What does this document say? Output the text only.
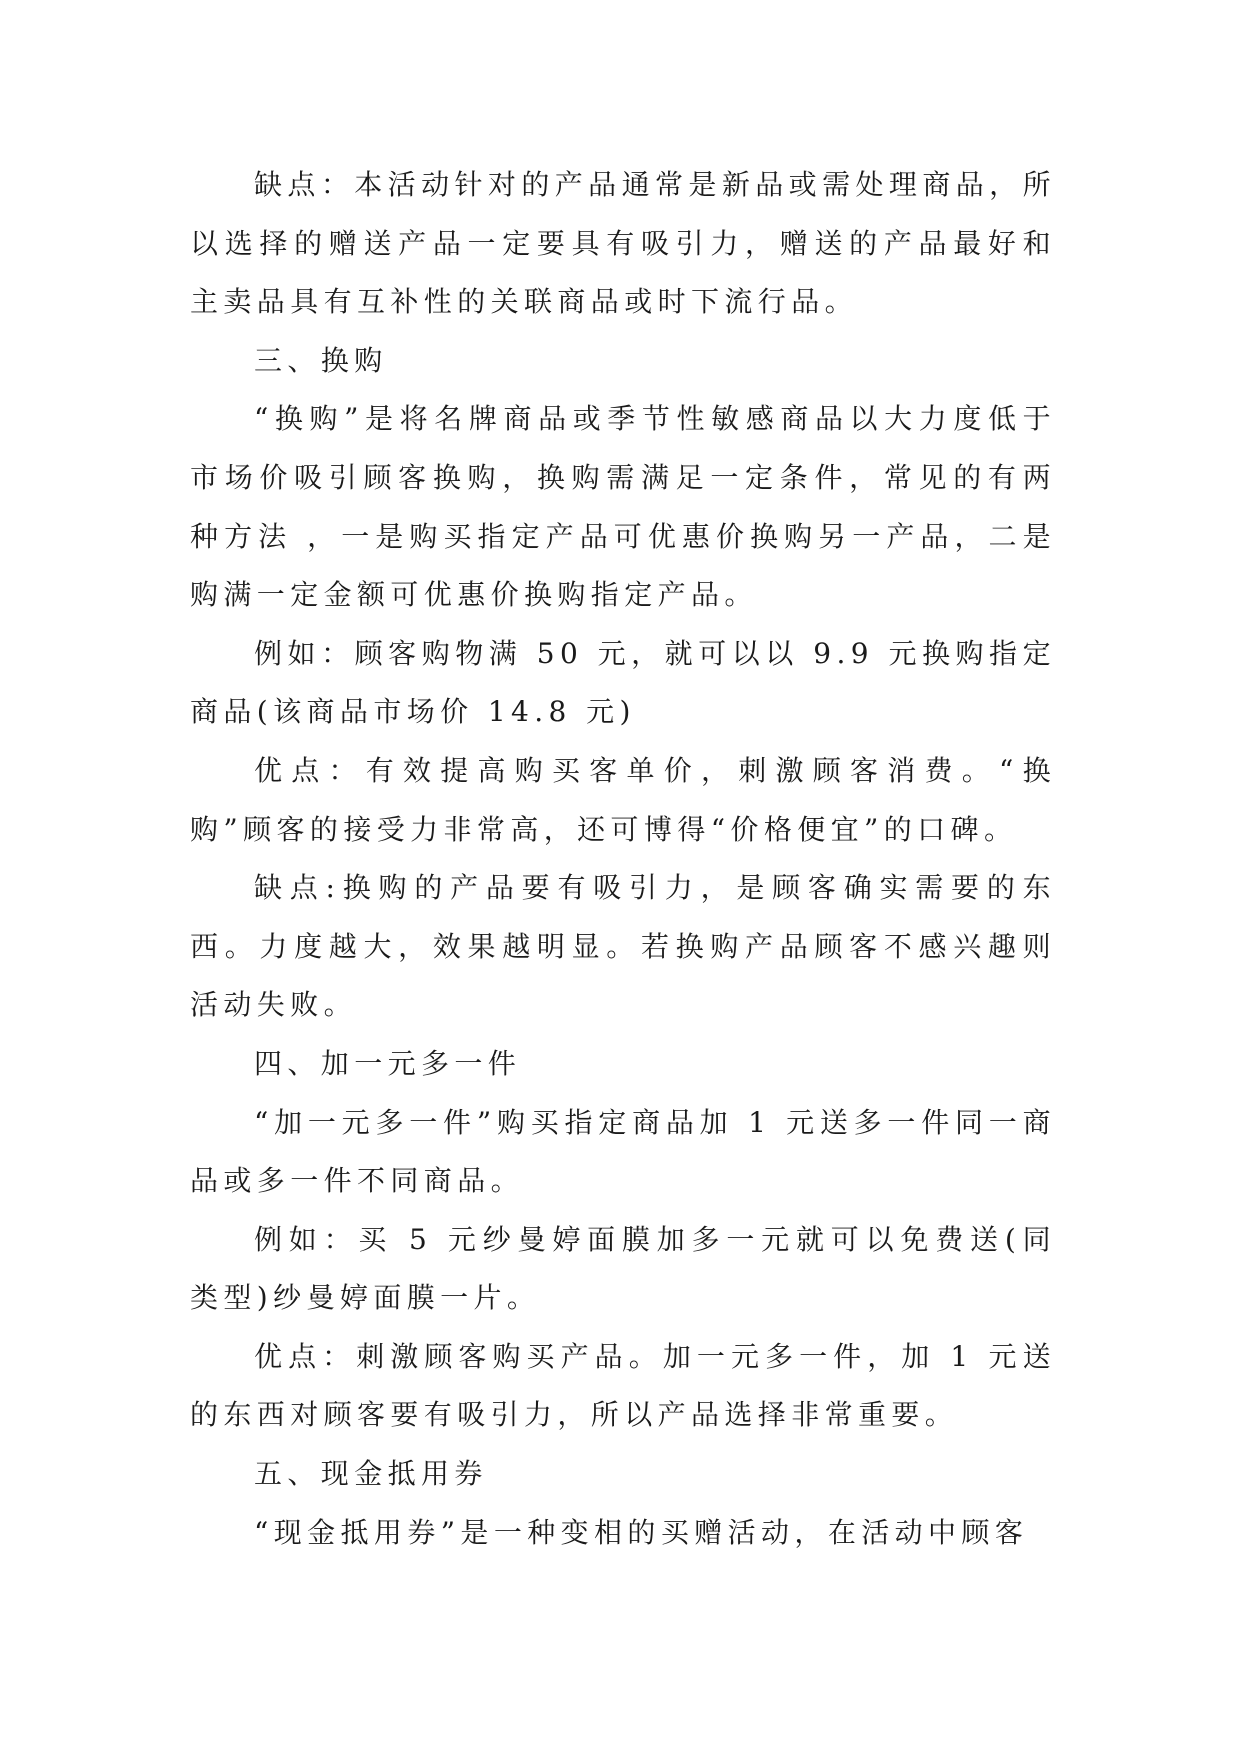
缺点：本活动针对的产品通常是新品或需处理商品，所以选择的赠送产品一定要具有吸引力，赠送的产品最好和主卖品具有互补性的关联商品或时下流行品。

三、换购

“换购”是将名牌商品或季节性敏感商品以大力度低于市场价吸引顾客换购，换购需满足一定条件，常见的有两种方法 ，一是购买指定产品可优惠价换购另一产品，二是购满一定金额可优惠价换购指定产品。

例如：顾客购物满 50 元，就可以以 9.9 元换购指定商品(该商品市场价 14.8 元)

优点：有效提高购买客单价，刺激顾客消费。“换购”顾客的接受力非常高，还可博得“价格便宜”的口碑。

缺点:换购的产品要有吸引力，是顾客确实需要的东西。力度越大，效果越明显。若换购产品顾客不感兴趣则活动失败。

四、加一元多一件

“加一元多一件”购买指定商品加 1 元送多一件同一商品或多一件不同商品。

例如：买 5 元纱曼婷面膜加多一元就可以免费送(同类型)纱曼婷面膜一片。

优点：刺激顾客购买产品。加一元多一件，加 1 元送的东西对顾客要有吸引力，所以产品选择非常重要。

五、现金抵用券

“现金抵用券”是一种变相的买赠活动，在活动中顾客
